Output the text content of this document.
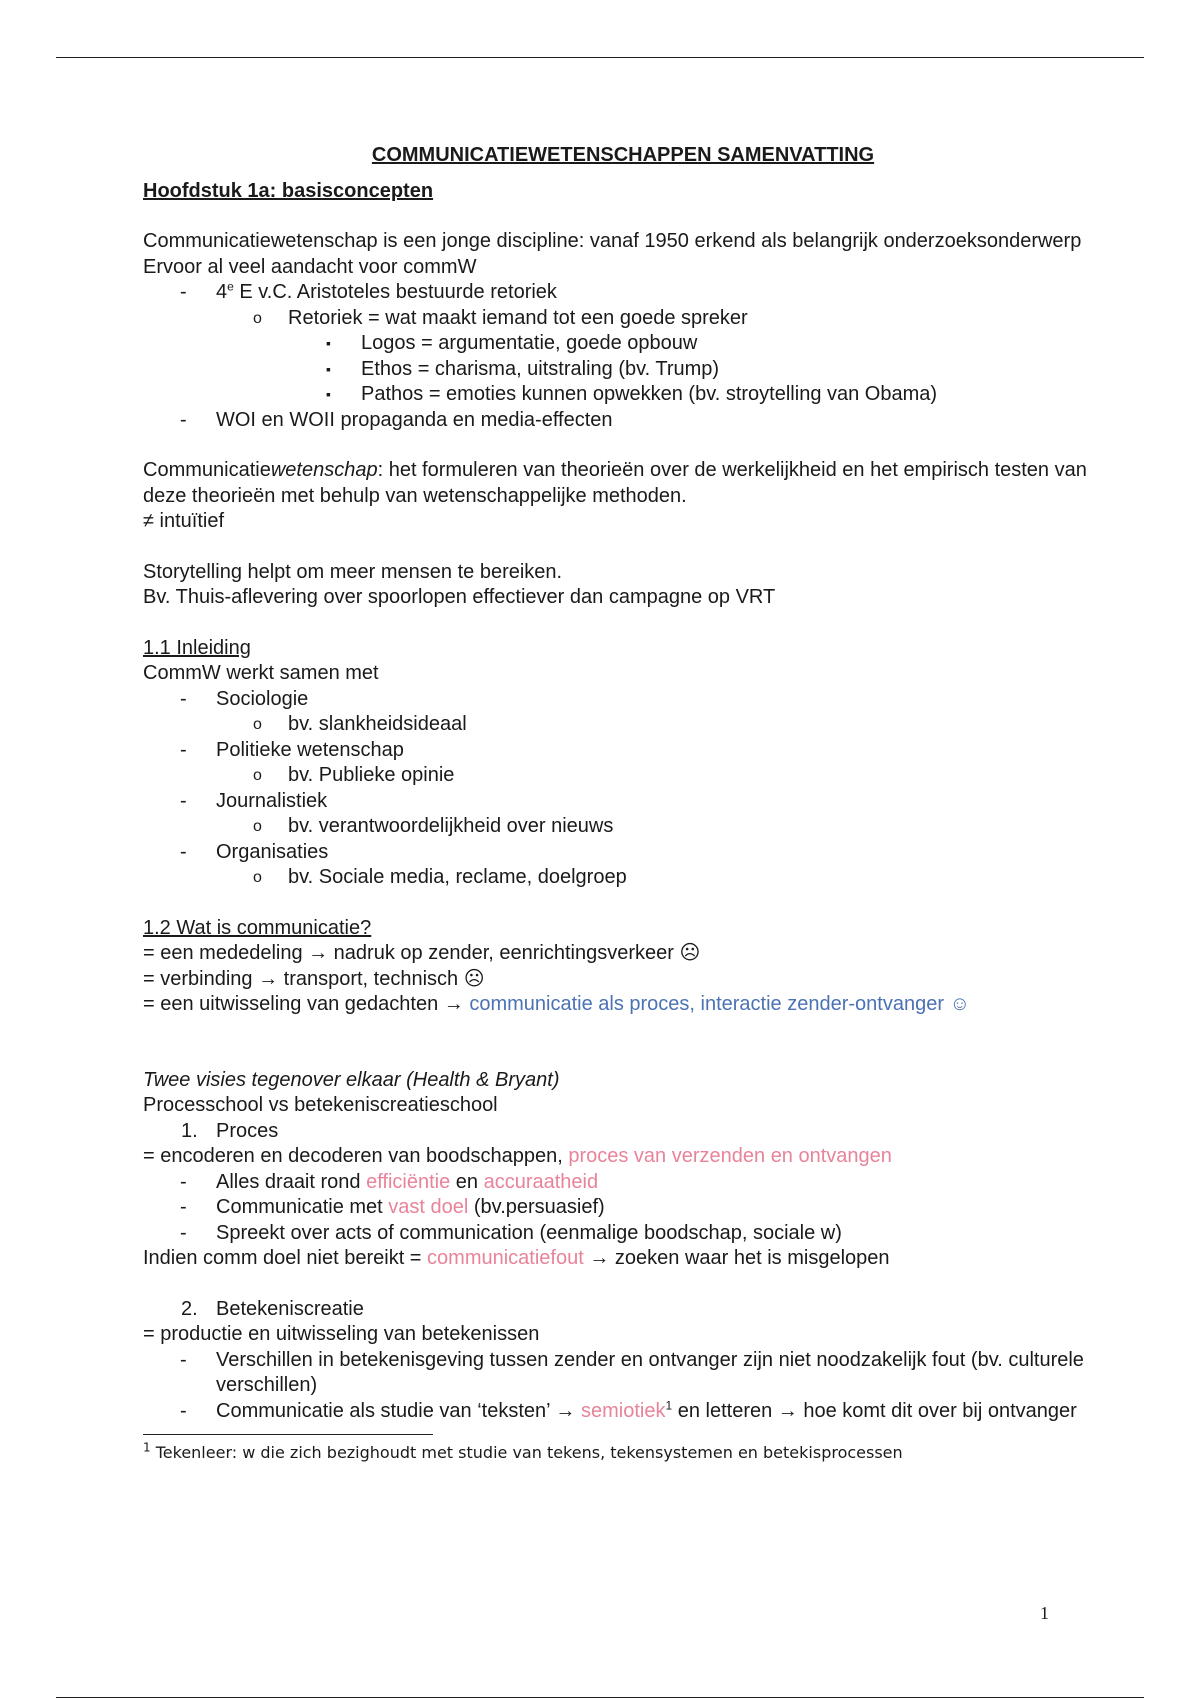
COMMUNICATIEWETENSCHAPPEN SAMENVATTING
Hoofdstuk 1a: basisconcepten

Communicatiewetenschap is een jonge discipline: vanaf 1950 erkend als belangrijk onderzoeksonderwerp

Ervoor al veel aandacht voor commW

- 4e E v.C. Aristoteles bestuurde retoriek
o Retoriek = wat maakt iemand tot een goede spreker
▪ Logos = argumentatie, goede opbouw
▪ Ethos = charisma, uitstraling (bv. Trump)
▪ Pathos = emoties kunnen opwekken (bv. stroytelling van Obama)
- WOI en WOII propaganda en media-effecten

Communicatiewetenschap: het formuleren van theorieën over de werkelijkheid en het empirisch testen van deze theorieën met behulp van wetenschappelijke methoden.

≠ intuïtief

Storytelling helpt om meer mensen te bereiken.

Bv. Thuis-aflevering over spoorlopen effectiever dan campagne op VRT

1.1 Inleiding

CommW werkt samen met

- Sociologie
o bv. slankheidsideaal
- Politieke wetenschap
o bv. Publieke opinie
- Journalistiek
o bv. verantwoordelijkheid over nieuws
- Organisaties
o bv. Sociale media, reclame, doelgroep

1.2 Wat is communicatie?

= een mededeling → nadruk op zender, eenrichtingsverkeer ☹

= verbinding → transport, technisch ☹

= een uitwisseling van gedachten → communicatie als proces, interactie zender-ontvanger ☺

Twee visies tegenover elkaar (Health & Bryant)

Processchool vs betekeniscreatieschool

1. Proces

= encoderen en decoderen van boodschappen, proces van verzenden en ontvangen

- Alles draait rond efficiëntie en accuraatheid
- Communicatie met vast doel (bv.persuasief)
- Spreekt over acts of communication (eenmalige boodschap, sociale w)

Indien comm doel niet bereikt = communicatiefout → zoeken waar het is misgelopen

2. Betekeniscreatie

= productie en uitwisseling van betekenissen

- Verschillen in betekenisgeving tussen zender en ontvanger zijn niet noodzakelijk fout (bv. culturele verschillen)
- Communicatie als studie van ‘teksten’ → semiotiek$^1$ en letteren → hoe komt dit over bij ontvanger
$^1$ Tekenleer: w die zich bezighoudt met studie van tekens, tekensystemen en betekisprocessen
1
